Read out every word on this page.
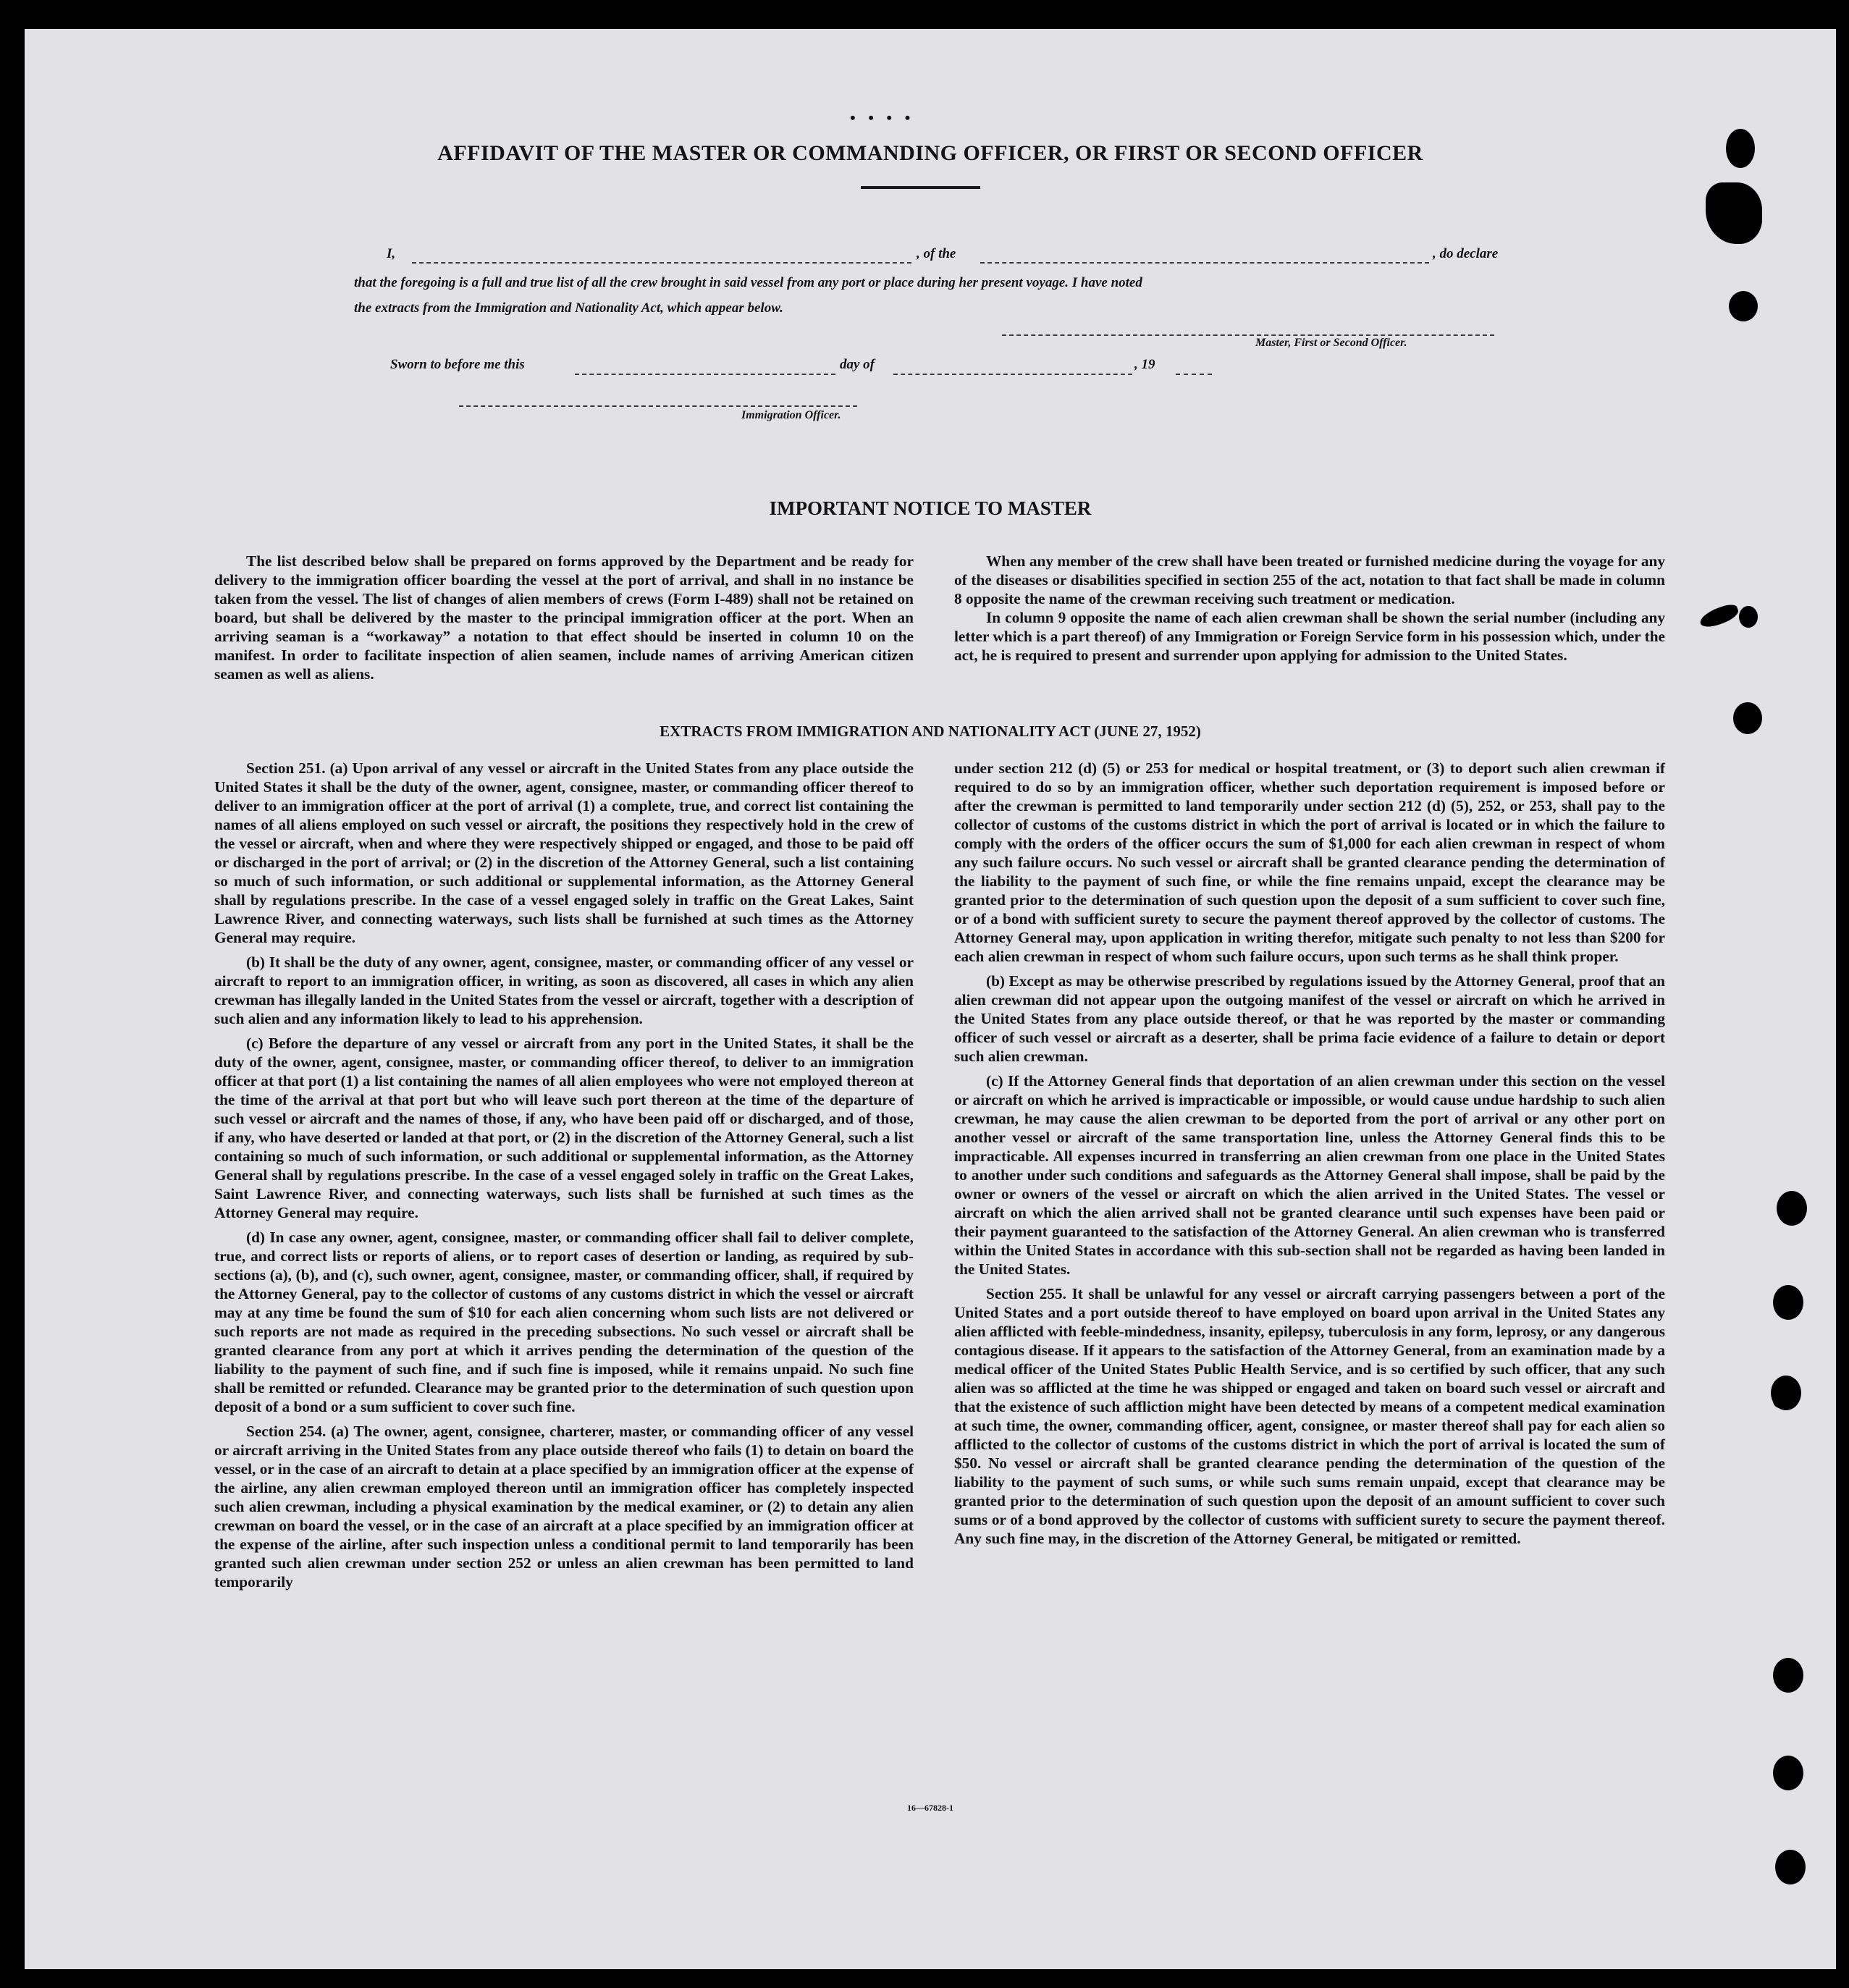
• • • •
AFFIDAVIT OF THE MASTER OR COMMANDING OFFICER, OR FIRST OR SECOND OFFICER
I,	, of the	, do declare
that the foregoing is a full and true list of all the crew brought in said vessel from any port or place during her present voyage. I have noted
the extracts from the Immigration and Nationality Act, which appear below.
Master, First or Second Officer.
Sworn to before me this	day of	, 19
Immigration Officer.
IMPORTANT NOTICE TO MASTER

The list described below shall be prepared on forms approved by the Department and be ready for delivery to the immigration officer boarding the vessel at the port of arrival, and shall in no instance be taken from the vessel. The list of changes of alien members of crews (Form I-489) shall not be retained on board, but shall be delivered by the master to the principal immigration officer at the port. When an arriving seaman is a “workaway” a notation to that effect should be inserted in column 10 on the manifest. In order to facilitate inspection of alien seamen, include names of arriving American citizen seamen as well as aliens.

When any member of the crew shall have been treated or furnished medicine during the voyage for any of the diseases or disabilities specified in section 255 of the act, notation to that fact shall be made in column 8 opposite the name of the crewman receiving such treatment or medication.

In column 9 opposite the name of each alien crewman shall be shown the serial number (including any letter which is a part thereof) of any Immigration or Foreign Service form in his possession which, under the act, he is required to present and surrender upon applying for admission to the United States.

EXTRACTS FROM IMMIGRATION AND NATIONALITY ACT (JUNE 27, 1952)

Section 251. (a) Upon arrival of any vessel or aircraft in the United States from any place outside the United States it shall be the duty of the owner, agent, consignee, master, or commanding officer thereof to deliver to an immigration officer at the port of arrival (1) a complete, true, and correct list containing the names of all aliens employed on such vessel or aircraft, the positions they respectively hold in the crew of the vessel or aircraft, when and where they were respectively shipped or engaged, and those to be paid off or discharged in the port of arrival; or (2) in the discretion of the Attorney General, such a list containing so much of such information, or such additional or supplemental information, as the Attorney General shall by regulations prescribe. In the case of a vessel engaged solely in traffic on the Great Lakes, Saint Lawrence River, and connecting waterways, such lists shall be furnished at such times as the Attorney General may require.

(b) It shall be the duty of any owner, agent, consignee, master, or commanding officer of any vessel or aircraft to report to an immigration officer, in writing, as soon as discovered, all cases in which any alien crewman has illegally landed in the United States from the vessel or aircraft, together with a description of such alien and any information likely to lead to his apprehension.

(c) Before the departure of any vessel or aircraft from any port in the United States, it shall be the duty of the owner, agent, consignee, master, or commanding officer thereof, to deliver to an immigration officer at that port (1) a list containing the names of all alien employees who were not employed thereon at the time of the arrival at that port but who will leave such port thereon at the time of the departure of such vessel or aircraft and the names of those, if any, who have been paid off or discharged, and of those, if any, who have deserted or landed at that port, or (2) in the discretion of the Attorney General, such a list containing so much of such information, or such additional or supplemental information, as the Attorney General shall by regulations prescribe. In the case of a vessel engaged solely in traffic on the Great Lakes, Saint Lawrence River, and connecting waterways, such lists shall be furnished at such times as the Attorney General may require.

(d) In case any owner, agent, consignee, master, or commanding officer shall fail to deliver complete, true, and correct lists or reports of aliens, or to report cases of desertion or landing, as required by sub-sections (a), (b), and (c), such owner, agent, consignee, master, or commanding officer, shall, if required by the Attorney General, pay to the collector of customs of any customs district in which the vessel or aircraft may at any time be found the sum of $10 for each alien concerning whom such lists are not delivered or such reports are not made as required in the preceding subsections. No such vessel or aircraft shall be granted clearance from any port at which it arrives pending the determination of the question of the liability to the payment of such fine, and if such fine is imposed, while it remains unpaid. No such fine shall be remitted or refunded. Clearance may be granted prior to the determination of such question upon deposit of a bond or a sum sufficient to cover such fine.

Section 254. (a) The owner, agent, consignee, charterer, master, or commanding officer of any vessel or aircraft arriving in the United States from any place outside thereof who fails (1) to detain on board the vessel, or in the case of an aircraft to detain at a place specified by an immigration officer at the expense of the airline, any alien crewman employed thereon until an immigration officer has completely inspected such alien crewman, including a physical examination by the medical examiner, or (2) to detain any alien crewman on board the vessel, or in the case of an aircraft at a place specified by an immigration officer at the expense of the airline, after such inspection unless a conditional permit to land temporarily has been granted such alien crewman under section 252 or unless an alien crewman has been permitted to land temporarily

under section 212 (d) (5) or 253 for medical or hospital treatment, or (3) to deport such alien crewman if required to do so by an immigration officer, whether such deportation requirement is imposed before or after the crewman is permitted to land temporarily under section 212 (d) (5), 252, or 253, shall pay to the collector of customs of the customs district in which the port of arrival is located or in which the failure to comply with the orders of the officer occurs the sum of $1,000 for each alien crewman in respect of whom any such failure occurs. No such vessel or aircraft shall be granted clearance pending the determination of the liability to the payment of such fine, or while the fine remains unpaid, except the clearance may be granted prior to the determination of such question upon the deposit of a sum sufficient to cover such fine, or of a bond with sufficient surety to secure the payment thereof approved by the collector of customs. The Attorney General may, upon application in writing therefor, mitigate such penalty to not less than $200 for each alien crewman in respect of whom such failure occurs, upon such terms as he shall think proper.

(b) Except as may be otherwise prescribed by regulations issued by the Attorney General, proof that an alien crewman did not appear upon the outgoing manifest of the vessel or aircraft on which he arrived in the United States from any place outside thereof, or that he was reported by the master or commanding officer of such vessel or aircraft as a deserter, shall be prima facie evidence of a failure to detain or deport such alien crewman.

(c) If the Attorney General finds that deportation of an alien crewman under this section on the vessel or aircraft on which he arrived is impracticable or impossible, or would cause undue hardship to such alien crewman, he may cause the alien crewman to be deported from the port of arrival or any other port on another vessel or aircraft of the same transportation line, unless the Attorney General finds this to be impracticable. All expenses incurred in transferring an alien crewman from one place in the United States to another under such conditions and safeguards as the Attorney General shall impose, shall be paid by the owner or owners of the vessel or aircraft on which the alien arrived in the United States. The vessel or aircraft on which the alien arrived shall not be granted clearance until such expenses have been paid or their payment guaranteed to the satisfaction of the Attorney General. An alien crewman who is transferred within the United States in accordance with this sub-section shall not be regarded as having been landed in the United States.

Section 255. It shall be unlawful for any vessel or aircraft carrying passengers between a port of the United States and a port outside thereof to have employed on board upon arrival in the United States any alien afflicted with feeble-mindedness, insanity, epilepsy, tuberculosis in any form, leprosy, or any dangerous contagious disease. If it appears to the satisfaction of the Attorney General, from an examination made by a medical officer of the United States Public Health Service, and is so certified by such officer, that any such alien was so afflicted at the time he was shipped or engaged and taken on board such vessel or aircraft and that the existence of such affliction might have been detected by means of a competent medical examination at such time, the owner, commanding officer, agent, consignee, or master thereof shall pay for each alien so afflicted to the collector of customs of the customs district in which the port of arrival is located the sum of $50. No vessel or aircraft shall be granted clearance pending the determination of the question of the liability to the payment of such sums, or while such sums remain unpaid, except that clearance may be granted prior to the determination of such question upon the deposit of an amount sufficient to cover such sums or of a bond approved by the collector of customs with sufficient surety to secure the payment thereof. Any such fine may, in the discretion of the Attorney General, be mitigated or remitted.

16—67828-1
